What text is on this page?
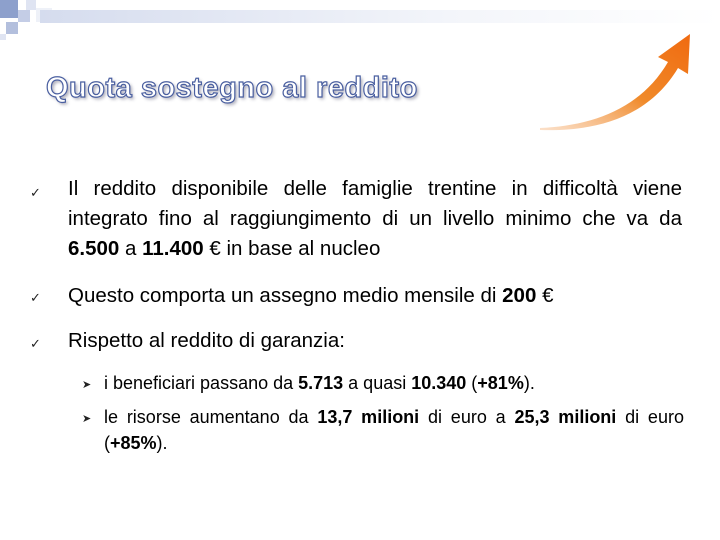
Quota sostegno al reddito
✓ Il reddito disponibile delle famiglie trentine in difficoltà viene integrato fino al raggiungimento di un livello minimo che va da 6.500 a 11.400 € in base al nucleo
✓ Questo comporta un assegno medio mensile di 200 €
✓ Rispetto al reddito di garanzia:
➤ i beneficiari passano da 5.713 a quasi 10.340 (+81%).
➤ le risorse aumentano da 13,7 milioni di euro a 25,3 milioni di euro (+85%).
